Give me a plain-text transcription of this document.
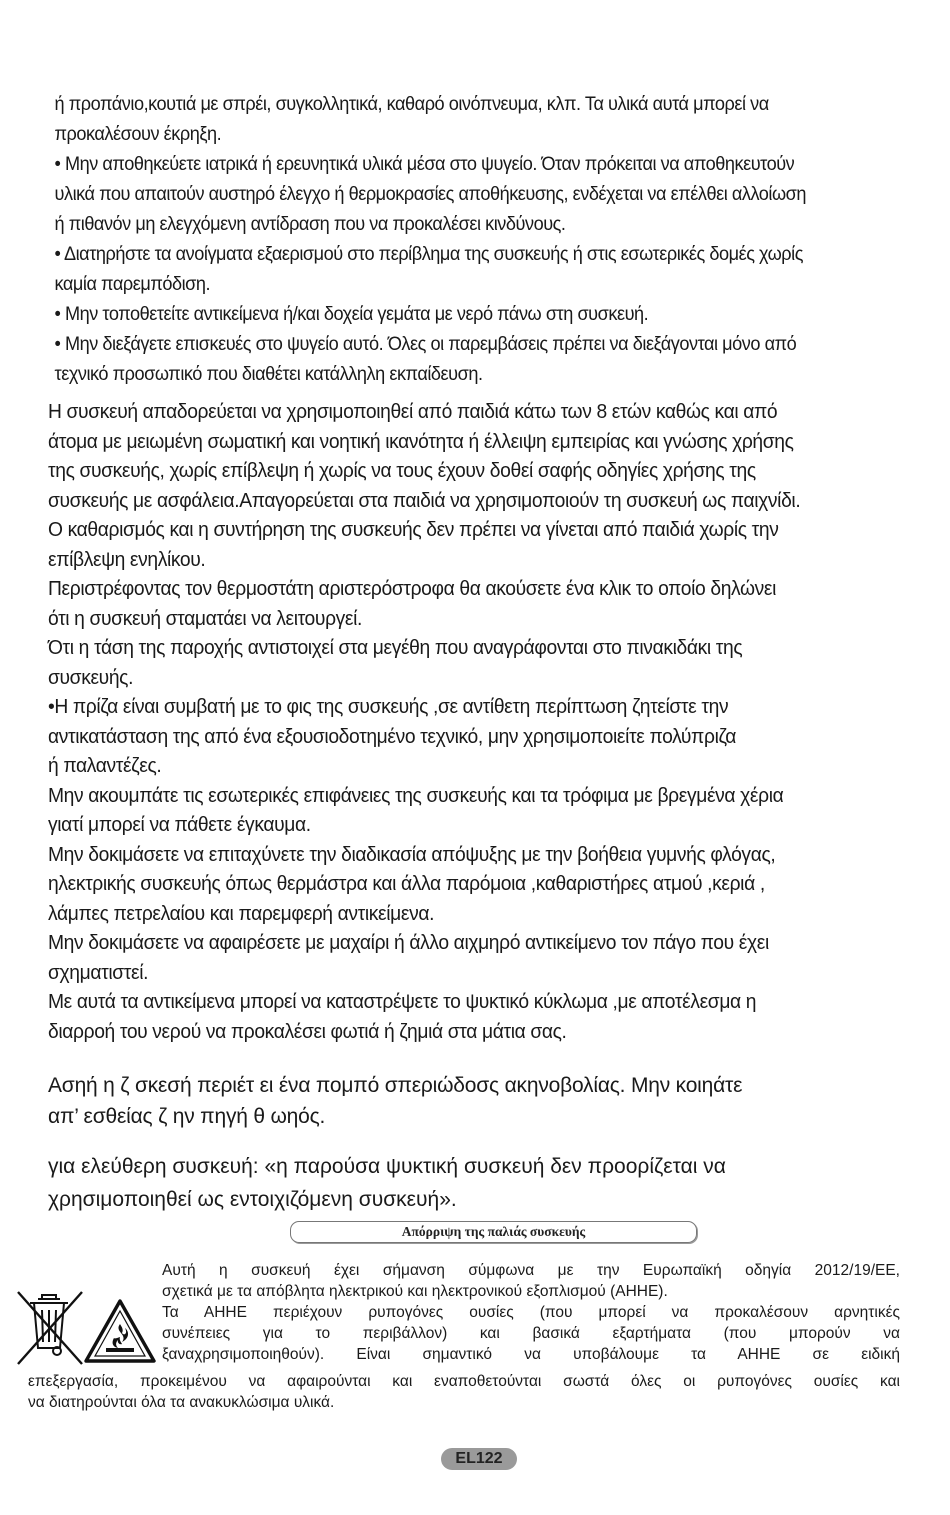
ή προπάνιο,κουτιά με σπρέι, συγκολλητικά, καθαρό οινόπνευμα, κλπ. Τα υλικά αυτά μπορεί να
προκαλέσουν έκρηξη.
• Μην αποθηκεύετε ιατρικά ή ερευνητικά υλικά μέσα στο ψυγείο. Όταν πρόκειται να αποθηκευτούν
υλικά που απαιτούν αυστηρό έλεγχο ή θερμοκρασίες αποθήκευσης, ενδέχεται να επέλθει αλλοίωση
ή πιθανόν μη ελεγχόμενη αντίδραση που να προκαλέσει κινδύνους.
• Διατηρήστε τα ανοίγματα εξαερισμού στο περίβλημα της συσκευής ή στις εσωτερικές δομές χωρίς
καμία παρεμπόδιση.
• Μην τοποθετείτε αντικείμενα ή/και δοχεία γεμάτα με νερό πάνω στη συσκευή.
• Μην διεξάγετε επισκευές στο ψυγείο αυτό. Όλες οι παρεμβάσεις πρέπει να διεξάγονται μόνο από
τεχνικό προσωπικό που διαθέτει κατάλληλη εκπαίδευση.
Η συσκευή απαδορεύεται να χρησιμοποιηθεί από παιδιά κάτω των 8 ετών καθώς και από
άτομα με μειωμένη σωματική και νοητική ικανότητα ή έλλειψη εμπειρίας και γνώσης χρήσης
της συσκευής, χωρίς επίβλεψη ή χωρίς να τους έχουν δοθεί σαφής οδηγίες χρήσης της
συσκευής με ασφάλεια.Απαγορεύεται στα παιδιά να χρησιμοποιούν τη συσκευή ως παιχνίδι.
Ο καθαρισμός και η συντήρηση της συσκευής δεν πρέπει να γίνεται από παιδιά χωρίς την
επίβλεψη ενηλίκου.
Περιστρέφοντας τον θερμοστάτη αριστερόστροφα θα ακούσετε ένα κλικ το οποίο δηλώνει
ότι η συσκευή σταματάει να λειτουργεί.
Ότι η τάση της παροχής αντιστοιχεί στα μεγέθη που αναγράφονται στο πινακιδάκι της
συσκευής.
•Η πρίζα είναι συμβατή με το φις της συσκευής ,σε αντίθετη περίπτωση ζητείστε την
αντικατάσταση της από ένα εξουσιοδοτημένο τεχνικό, μην χρησιμοποιείτε πολύπριζα
ή παλαντέζες.
Μην ακουμπάτε τις εσωτερικές επιφάνειες της συσκευής και τα τρόφιμα με βρεγμένα χέρια
γιατί μπορεί να πάθετε έγκαυμα.
Μην δοκιμάσετε να επιταχύνετε την διαδικασία απόψυξης με την βοήθεια γυμνής φλόγας,
ηλεκτρικής συσκευής όπως θερμάστρα και άλλα παρόμοια ,καθαριστήρες ατμού ,κεριά ,
λάμπες πετρελαίου και παρεμφερή αντικείμενα.
Μην δοκιμάσετε να αφαιρέσετε με μαχαίρι ή άλλο αιχμηρό αντικείμενο τον πάγο που έχει
σχηματιστεί.
Με αυτά τα αντικείμενα μπορεί να καταστρέψετε το ψυκτικό κύκλωμα ,με αποτέλεσμα η
διαρροή του νερού να προκαλέσει φωτιά ή ζημιά στα μάτια σας.
Ασηή η ζ σκεσή περιέτ ει ένα πομπό σπεριώδοσς ακηνοβολίας. Μην κοιηάτε
απ’ εσθείας ζ ην πηγή θ ωηός.
για ελεύθερη συσκευή: «η παρούσα ψυκτική συσκευή δεν προορίζεται να
χρησιμοποιηθεί ως εντοιχιζόμενη συσκευή».
Απόρριψη της παλιάς συσκευής
Αυτή η συσκευή έχει σήμανση σύμφωνα με την Ευρωπαϊκή οδηγία 2012/19/ΕΕ,
σχετικά με τα απόβλητα ηλεκτρικού και ηλεκτρονικού εξοπλισμού (ΑΗΗΕ).
Τα ΑΗΗΕ περιέχουν ρυπογόνες ουσίες (που μπορεί να προκαλέσουν αρνητικές
συνέπειες για το περιβάλλον) και βασικά εξαρτήματα (που μπορούν να
ξαναχρησιμοποιηθούν). Είναι σημαντικό να υποβάλουμε τα ΑΗΗΕ σε ειδική
επεξεργασία, προκειμένου να αφαιρούνται και εναποθετούνται σωστά όλες οι ρυπογόνες ουσίες και
να διατηρούνται όλα τα ανακυκλώσιμα υλικά.
EL122
